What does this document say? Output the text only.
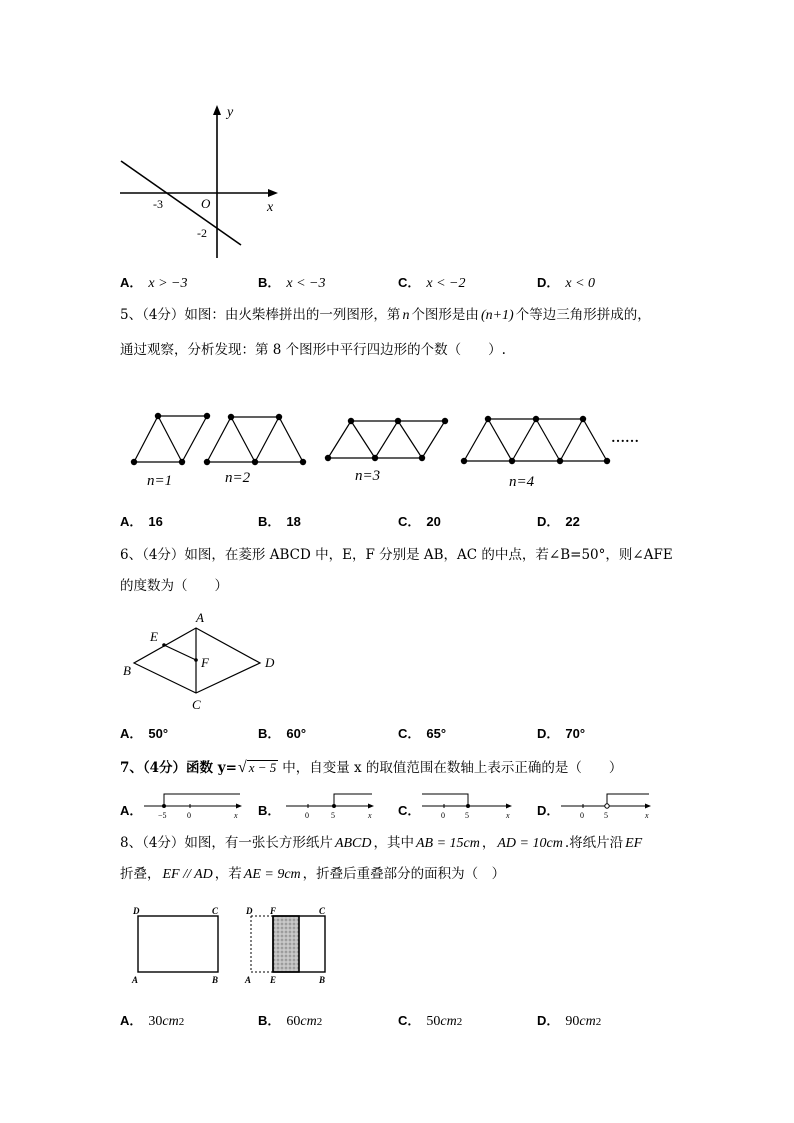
y
x
O
-3
-2
A． x > −3	B． x < −3	C． x < −2	D． x < 0
5、（4分）如图：由火柴棒拼出的一列图形，第 n 个图形是由 (n+1) 个等边三角形拼成的，
通过观察，分析发现：第 8 个图形中平行四边形的个数（　　）.
n=1	n=2	n=3	n=4
……
A． 16	B． 18	C． 20	D． 22
6、（4分）如图，在菱形 ABCD 中，E，F 分别是 AB，AC 的中点，若∠B=50°，则∠AFE
的度数为（　　）
A
E
F
B
D
C
A． 50°	B． 60°	C． 65°	D． 70°
7、（4分）函数 y= √ x − 5 中，自变量 x 的取值范围在数轴上表示正确的是（　　）
A． −5	0	x B．	0	5	x C．	0	5	x D．	0	5	x
8、（4分）如图，有一张长方形纸片 ABCD ，其中 AB = 15cm ， AD = 10cm .将纸片沿 EF
折叠， EF // AD ，若 AE = 9cm ，折叠后重叠部分的面积为（　）
D	C
A	B
D F	C
A E	B
A． 30 cm 2	B． 60 cm 2	C． 50 cm 2	D． 90 cm 2
